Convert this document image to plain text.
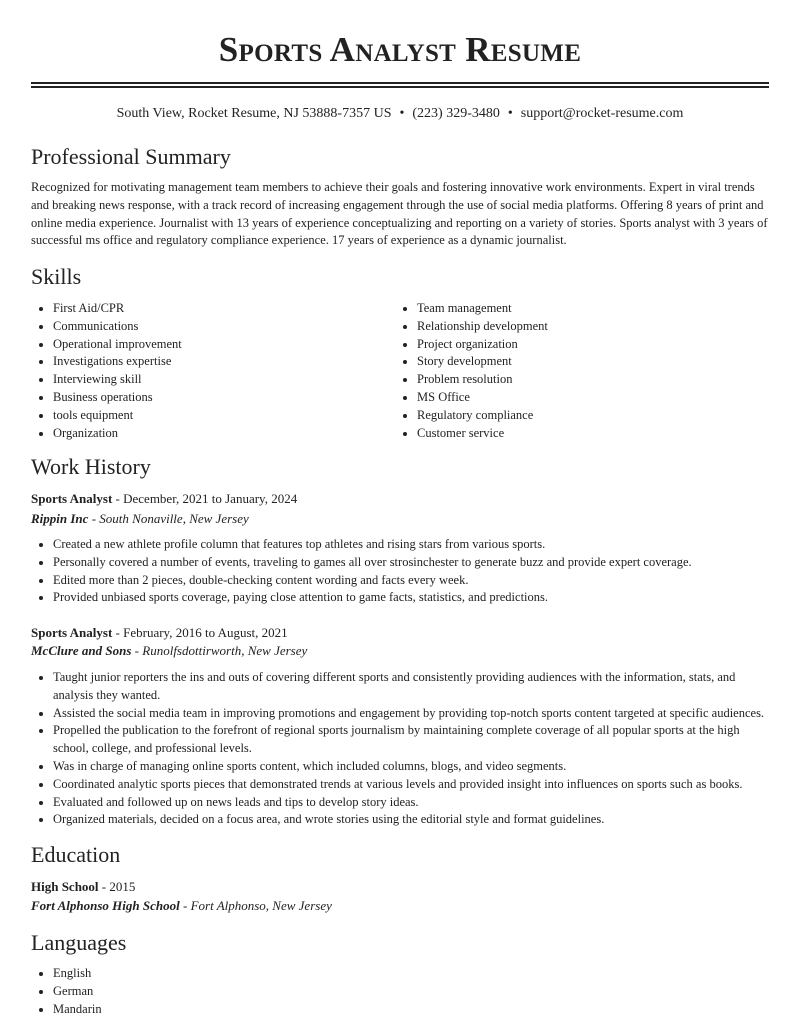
Sports Analyst Resume
South View, Rocket Resume, NJ 53888-7357 US • (223) 329-3480 • support@rocket-resume.com
Professional Summary

Recognized for motivating management team members to achieve their goals and fostering innovative work environments. Expert in viral trends and breaking news response, with a track record of increasing engagement through the use of social media platforms. Offering 8 years of print and online media experience. Journalist with 13 years of experience conceptualizing and reporting on a variety of stories. Sports analyst with 3 years of successful ms office and regulatory compliance experience. 17 years of experience as a dynamic journalist.

Skills
• First Aid/CPR
• Communications
• Operational improvement
• Investigations expertise
• Interviewing skill
• Business operations
• tools equipment
• Organization
• Team management
• Relationship development
• Project organization
• Story development
• Problem resolution
• MS Office
• Regulatory compliance
• Customer service
Work History
Sports Analyst - December, 2021 to January, 2024
Rippin Inc - South Nonaville, New Jersey
• Created a new athlete profile column that features top athletes and rising stars from various sports.
• Personally covered a number of events, traveling to games all over strosinchester to generate buzz and provide expert coverage.
• Edited more than 2 pieces, double-checking content wording and facts every week.
• Provided unbiased sports coverage, paying close attention to game facts, statistics, and predictions.
Sports Analyst - February, 2016 to August, 2021
McClure and Sons - Runolfsdottirworth, New Jersey
• Taught junior reporters the ins and outs of covering different sports and consistently providing audiences with the information, stats, and analysis they wanted.
• Assisted the social media team in improving promotions and engagement by providing top-notch sports content targeted at specific audiences.
• Propelled the publication to the forefront of regional sports journalism by maintaining complete coverage of all popular sports at the high school, college, and professional levels.
• Was in charge of managing online sports content, which included columns, blogs, and video segments.
• Coordinated analytic sports pieces that demonstrated trends at various levels and provided insight into influences on sports such as books.
• Evaluated and followed up on news leads and tips to develop story ideas.
• Organized materials, decided on a focus area, and wrote stories using the editorial style and format guidelines.
Education
High School - 2015
Fort Alphonso High School - Fort Alphonso, New Jersey
Languages
• English
• German
• Mandarin
